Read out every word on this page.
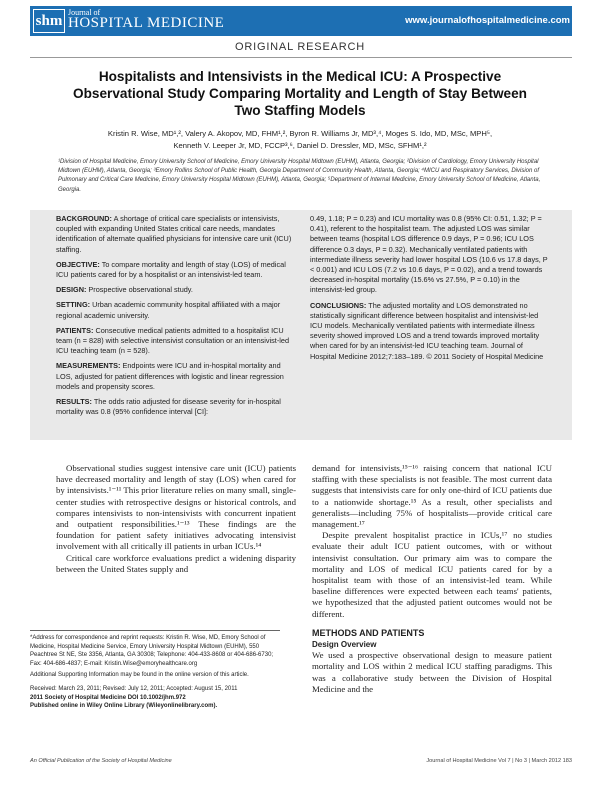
shm
Journal of
HOSPITAL MEDICINE	www.journalofhospitalmedicine.com
ORIGINAL RESEARCH
Hospitalists and Intensivists in the Medical ICU: A Prospective Observational Study Comparing Mortality and Length of Stay Between Two Staffing Models
Kristin R. Wise, MD¹,², Valery A. Akopov, MD, FHM¹,², Byron R. Williams Jr, MD³,⁴, Moges S. Ido, MD, MSc, MPH⁵,
Kenneth V. Leeper Jr, MD, FCCP³,⁶, Daniel D. Dressler, MD, MSc, SFHM¹,²
¹Division of Hospital Medicine, Emory University School of Medicine, Emory University Hospital Midtown (EUHM), Atlanta, Georgia; ²Division of Cardiology, Emory University Hospital Midtown (EUHM), Atlanta, Georgia; ³Emory Rollins School of Public Health, Georgia Department of Community Health, Atlanta, Georgia; ⁴MICU and Respiratory Services, Division of Pulmonary and Critical Care Medicine, Emory University Hospital Midtown (EUHM), Atlanta, Georgia; ⁵Department of Internal Medicine, Emory University School of Medicine, Atlanta, Georgia.

BACKGROUND: A shortage of critical care specialists or intensivists, coupled with expanding United States critical care needs, mandates identification of alternate qualified physicians for intensive care unit (ICU) staffing.

OBJECTIVE: To compare mortality and length of stay (LOS) of medical ICU patients cared for by a hospitalist or an intensivist-led team.

DESIGN: Prospective observational study.

SETTING: Urban academic community hospital affiliated with a major regional academic university.

PATIENTS: Consecutive medical patients admitted to a hospitalist ICU team (n = 828) with selective intensivist consultation or an intensivist-led ICU teaching team (n = 528).

MEASUREMENTS: Endpoints were ICU and in-hospital mortality and LOS, adjusted for patient differences with logistic and linear regression models and propensity scores.

RESULTS: The odds ratio adjusted for disease severity for in-hospital mortality was 0.8 (95% confidence interval [CI]:

0.49, 1.18; P = 0.23) and ICU mortality was 0.8 (95% CI: 0.51, 1.32; P = 0.41), referent to the hospitalist team. The adjusted LOS was similar between teams (hospital LOS difference 0.9 days, P = 0.96; ICU LOS difference 0.3 days, P = 0.32). Mechanically ventilated patients with intermediate illness severity had lower hospital LOS (10.6 vs 17.8 days, P < 0.001) and ICU LOS (7.2 vs 10.6 days, P = 0.02), and a trend towards decreased in-hospital mortality (15.6% vs 27.5%, P = 0.10) in the intensivist-led group.

CONCLUSIONS: The adjusted mortality and LOS demonstrated no statistically significant difference between hospitalist and intensivist-led ICU models. Mechanically ventilated patients with intermediate illness severity showed improved LOS and a trend towards improved mortality when cared for by an intensivist-led ICU teaching team. Journal of Hospital Medicine 2012;7:183–189. © 2011 Society of Hospital Medicine

Observational studies suggest intensive care unit (ICU) patients have decreased mortality and length of stay (LOS) when cared for by intensivists.¹⁻¹¹ This prior literature relies on many small, single-center studies with retrospective designs or historical controls, and compares intensivists to non-intensivists with concurrent inpatient and outpatient responsibilities.¹⁻¹³ These findings are the foundation for patient safety initiatives advocating intensivist involvement with all critically ill patients in urban ICUs.¹⁴

Critical care workforce evaluations predict a widening disparity between the United States supply and

*Address for correspondence and reprint requests: Kristin R. Wise, MD, Emory School of Medicine, Hospital Medicine Service, Emory University Hospital Midtown (EUHM), 550 Peachtree St NE, Ste 3356, Atlanta, GA 30308; Telephone: 404-433-8608 or 404-686-6730; Fax: 404-686-4837; E-mail: Kristin.Wise@emoryhealthcare.org
Additional Supporting Information may be found in the online version of this article.
Received: March 23, 2011; Revised: July 12, 2011; Accepted: August 15, 2011
2011 Society of Hospital Medicine DOI 10.1002/jhm.972
Published online in Wiley Online Library (Wileyonlinelibrary.com).

demand for intensivists,¹⁵⁻¹⁶ raising concern that national ICU staffing with these specialists is not feasible. The most current data suggests that intensivists care for only one-third of ICU patients due to a nationwide shortage.¹⁵ As a result, other specialists and generalists—including 75% of hospitalists—provide critical care management.¹⁷

Despite prevalent hospitalist practice in ICUs,¹⁷ no studies evaluate their adult ICU patient outcomes, with or without intensivist consultation. Our primary aim was to compare the mortality and LOS of medical ICU patients cared for by a hospitalist team with those of an intensivist-led team. While baseline differences were expected between each teams' patients, we hypothesized that the adjusted patient outcomes would not be different.

METHODS AND PATIENTS
Design Overview

We used a prospective observational design to measure patient mortality and LOS within 2 medical ICU staffing paradigms. This was a collaborative study between the Division of Hospital Medicine and the

An Official Publication of the Society of Hospital Medicine	Journal of Hospital Medicine Vol 7 | No 3 | March 2012 183
